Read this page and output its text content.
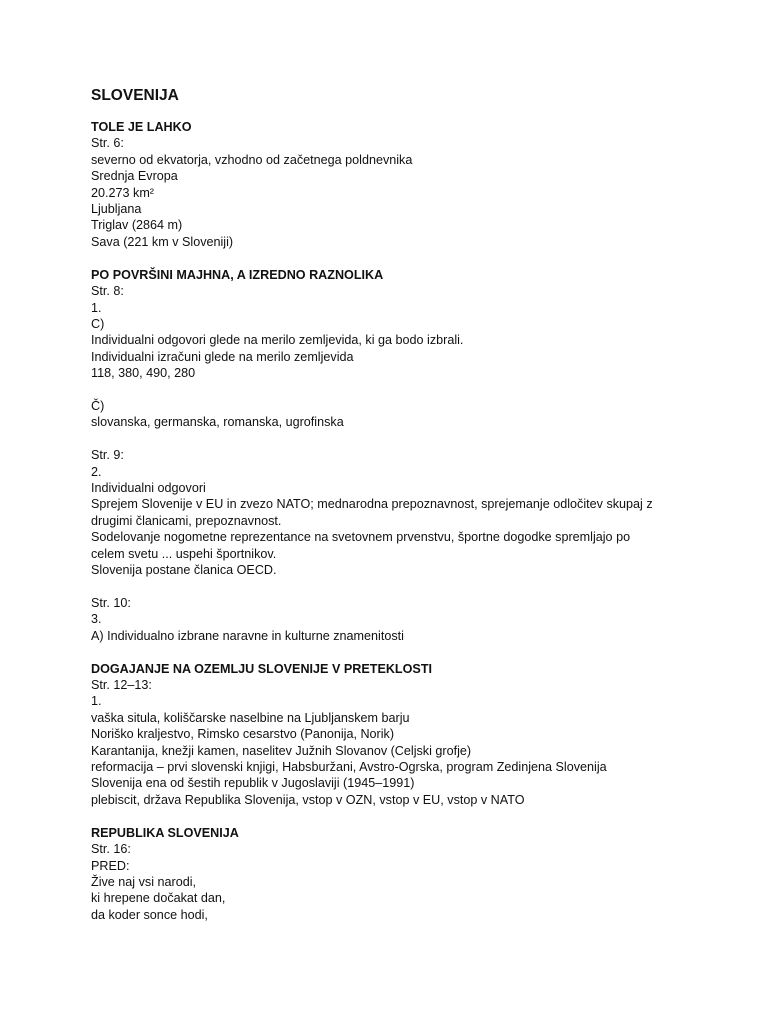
SLOVENIJA
TOLE JE LAHKO
Str. 6:
severno od ekvatorja, vzhodno od začetnega poldnevnika
Srednja Evropa
20.273 km²
Ljubljana
Triglav (2864 m)
Sava (221 km v Sloveniji)
PO POVRŠINI MAJHNA, A IZREDNO RAZNOLIKA
Str. 8:
1.
C)
Individualni odgovori glede na merilo zemljevida, ki ga bodo izbrali.
Individualni izračuni glede na merilo zemljevida
118, 380, 490, 280
Č)
slovanska, germanska, romanska, ugrofinska
Str. 9:
2.
Individualni odgovori
Sprejem Slovenije v EU in zvezo NATO; mednarodna prepoznavnost, sprejemanje odločitev skupaj z
drugimi članicami, prepoznavnost.
Sodelovanje nogometne reprezentance na svetovnem prvenstvu, športne dogodke spremljajo po
celem svetu ... uspehi športnikov.
Slovenija postane članica OECD.
Str. 10:
3.
A) Individualno izbrane naravne in kulturne znamenitosti
DOGAJANJE NA OZEMLJU SLOVENIJE V PRETEKLOSTI
Str. 12–13:
1.
vaška situla, koliščarske naselbine na Ljubljanskem barju
Noriško kraljestvo, Rimsko cesarstvo (Panonija, Norik)
Karantanija, knežji kamen, naselitev Južnih Slovanov (Celjski grofje)
reformacija – prvi slovenski knjigi, Habsburžani, Avstro-Ogrska, program Zedinjena Slovenija
Slovenija ena od šestih republik v Jugoslaviji (1945–1991)
plebiscit, država Republika Slovenija, vstop v OZN, vstop v EU, vstop v NATO
REPUBLIKA SLOVENIJA
Str. 16:
PRED:
Žive naj vsi narodi,
ki hrepene dočakat dan,
da koder sonce hodi,
